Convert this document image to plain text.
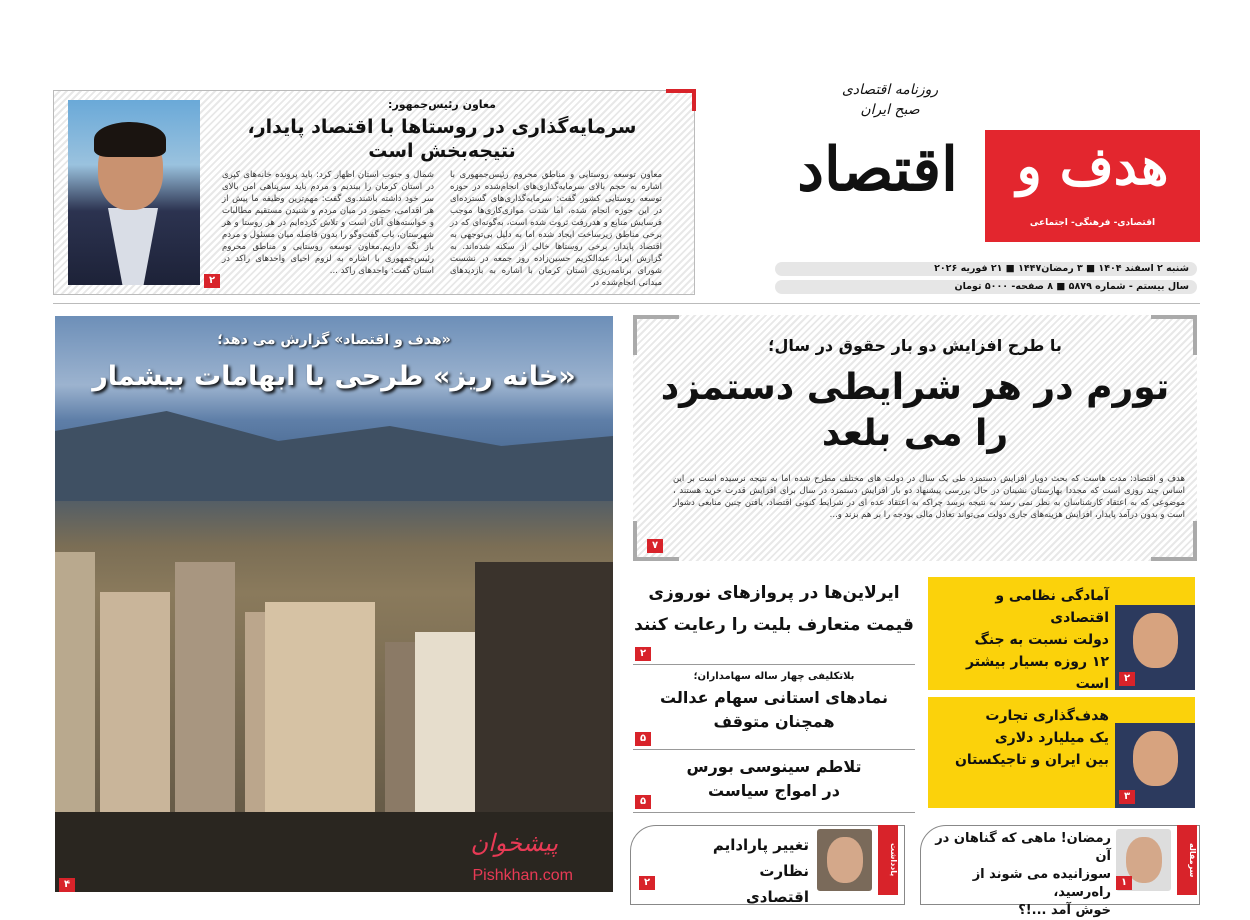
معاون رئیس‌جمهور:
سرمایه‌گذاری در روستاها با اقتصاد پایدار، نتیجه‌بخش است
معاون توسعه روستایی و مناطق محروم رئیس‌جمهوری با اشاره به حجم بالای سرمایه‌گذاری‌های انجام‌شده در حوزه توسعه روستایی کشور گفت: سرمایه‌گذاری‌های گسترده‌ای در این حوزه انجام شده، اما شدت موازی‌کاری‌ها موجب فرسایش منابع و هدررفت ثروت شده است، به‌گونه‌ای که در برخی مناطق زیرساخت ایجاد شده اما به دلیل بی‌توجهی به اقتصاد پایدار، برخی روستاها خالی از سکنه شده‌اند. به گزارش ایرنا، عبدالکریم حسین‌زاده روز جمعه در نشست شورای برنامه‌ریزی استان کرمان با اشاره به بازدیدهای میدانی انجام‌شده در
شمال و جنوب استان اظهار کرد: باید پرونده خانه‌های کپری در استان کرمان را ببندیم و مردم باید سرپناهی امن بالای سر خود داشته باشند.وی گفت: مهم‌ترین وظیفه ما پیش از هر اقدامی، حضور در میان مردم و شنیدن مستقیم مطالبات و خواسته‌های آنان است و تلاش کرده‌ایم در هر روستا و هر شهرستان، باب گفت‌وگو را بدون فاصله میان مسئول و مردم باز نگه داریم.معاون توسعه روستایی و مناطق محروم رئیس‌جمهوری با اشاره به لزوم احیای واحدهای راکد در استان گفت: واحدهای راکد ...
۲
روزنامه اقتصادی
صبح ایران
اقتصاد	هدف و
اقتصادی- فرهنگی- اجتماعی
شنبه ۲ اسفند ۱۴۰۴ ■ ۳ رمضان۱۴۴۷ ■ ۲۱ فوریه ۲۰۲۶
سال بیستم - شماره ۵۸۷۹ ■ ۸ صفحه- ۵۰۰۰ تومان
«هدف و اقتصاد» گزارش می دهد؛
«خانه ریز» طرحی با ابهامات بیشمار
پیشخوان
Pishkhan.com
۴
با طرح افزایش دو بار حقوق در سال؛
تورم در هر شرایطی دستمزد
را می بلعد
هدف و اقتصاد: مدت هاست که بحث دوبار افزایش دستمزد طی یک سال در دولت های مختلف مطرح شده اما به نتیجه نرسیده است بر این اساس چند روزی است که مجددا بهارستان نشینان در حال بررسی پیشنهاد دو بار افزایش دستمزد در سال برای افزایش قدرت خرید هستند ، موضوعی که به اعتقاد کارشناسان به نظر نمی رسد به نتیجه برسد چراکه به اعتقاد عده ای در شرایط کنونی اقتصاد، یافتن چنین منابعی دشوار است و بدون درآمد پایدار، افزایش هزینه‌های جاری دولت می‌تواند تعادل مالی بودجه را بر هم بزند و...
۷
ایرلاین‌ها در پروازهای نوروزی
قیمت متعارف بلیت را رعایت کنند
۲
بلاتکلیفی چهار ساله سهامداران؛
نمادهای استانی سهام عدالت
همچنان متوقف
۵
تلاطم سینوسی بورس
در امواج سیاست
۵
آمادگی نظامی و اقتصادی
دولت نسبت به جنگ
۱۲ روزه بسیار بیشتر است	۲
هدف‌گذاری تجارت
یک میلیارد دلاری
بین ایران و تاجیکستان
۳
یادداشت
تغییر پارادایم نظارت
اقتصادی
۲
سرمقاله
رمضان! ماهی که گناهان در آن
سوزانیده می شوند از راه‌رسید،
خوش آمد ...!؟
۱
